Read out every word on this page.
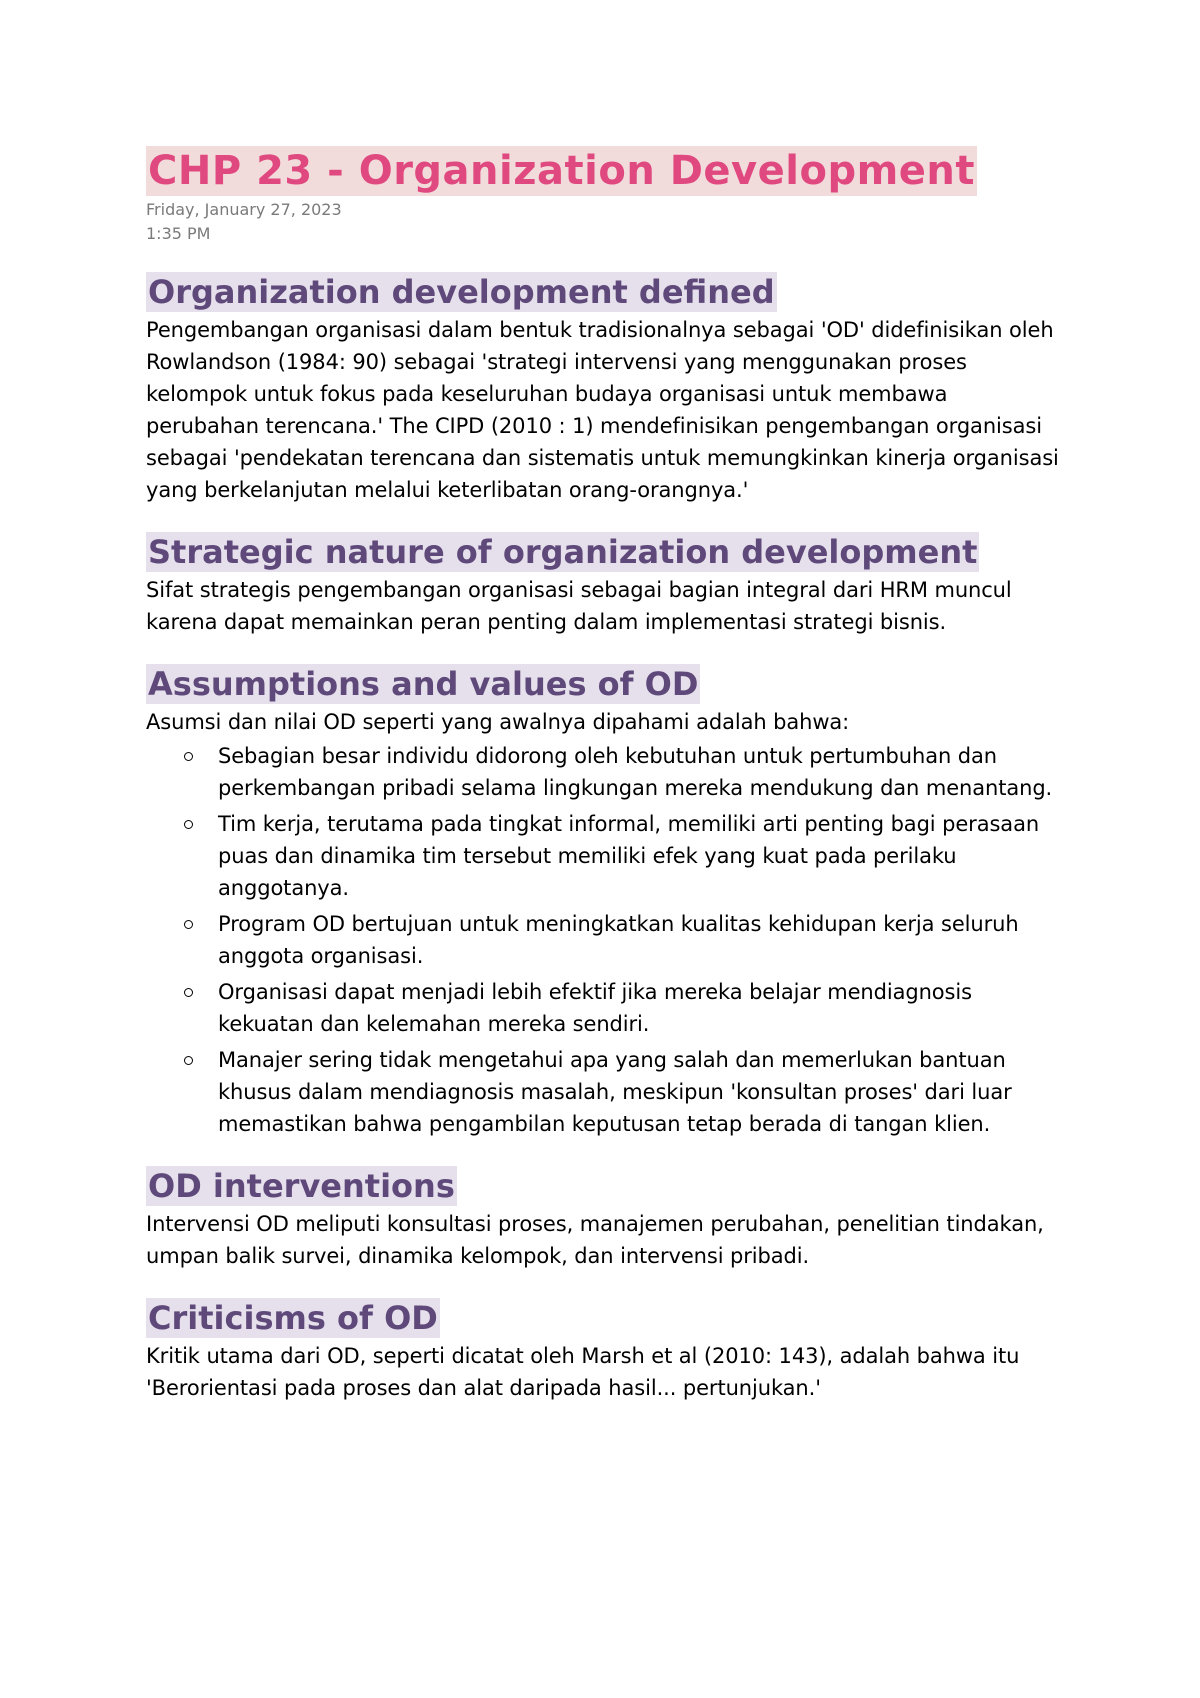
CHP 23 - Organization Development
Friday, January 27, 2023
1:35 PM
Organization development defined

Pengembangan organisasi dalam bentuk tradisionalnya sebagai 'OD' didefinisikan oleh Rowlandson (1984: 90) sebagai 'strategi intervensi yang menggunakan proses kelompok untuk fokus pada keseluruhan budaya organisasi untuk membawa perubahan terencana.' The CIPD (2010 : 1) mendefinisikan pengembangan organisasi sebagai 'pendekatan terencana dan sistematis untuk memungkinkan kinerja organisasi yang berkelanjutan melalui keterlibatan orang-orangnya.'

Strategic nature of organization development

Sifat strategis pengembangan organisasi sebagai bagian integral dari HRM muncul karena dapat memainkan peran penting dalam implementasi strategi bisnis.

Assumptions and values of OD

Asumsi dan nilai OD seperti yang awalnya dipahami adalah bahwa:

Sebagian besar individu didorong oleh kebutuhan untuk pertumbuhan dan perkembangan pribadi selama lingkungan mereka mendukung dan menantang.
Tim kerja, terutama pada tingkat informal, memiliki arti penting bagi perasaan puas dan dinamika tim tersebut memiliki efek yang kuat pada perilaku anggotanya.
Program OD bertujuan untuk meningkatkan kualitas kehidupan kerja seluruh anggota organisasi.
Organisasi dapat menjadi lebih efektif jika mereka belajar mendiagnosis kekuatan dan kelemahan mereka sendiri.
Manajer sering tidak mengetahui apa yang salah dan memerlukan bantuan khusus dalam mendiagnosis masalah, meskipun 'konsultan proses' dari luar memastikan bahwa pengambilan keputusan tetap berada di tangan klien.
OD interventions

Intervensi OD meliputi konsultasi proses, manajemen perubahan, penelitian tindakan, umpan balik survei, dinamika kelompok, dan intervensi pribadi.

Criticisms of OD

Kritik utama dari OD, seperti dicatat oleh Marsh et al (2010: 143), adalah bahwa itu 'Berorientasi pada proses dan alat daripada hasil... pertunjukan.'
